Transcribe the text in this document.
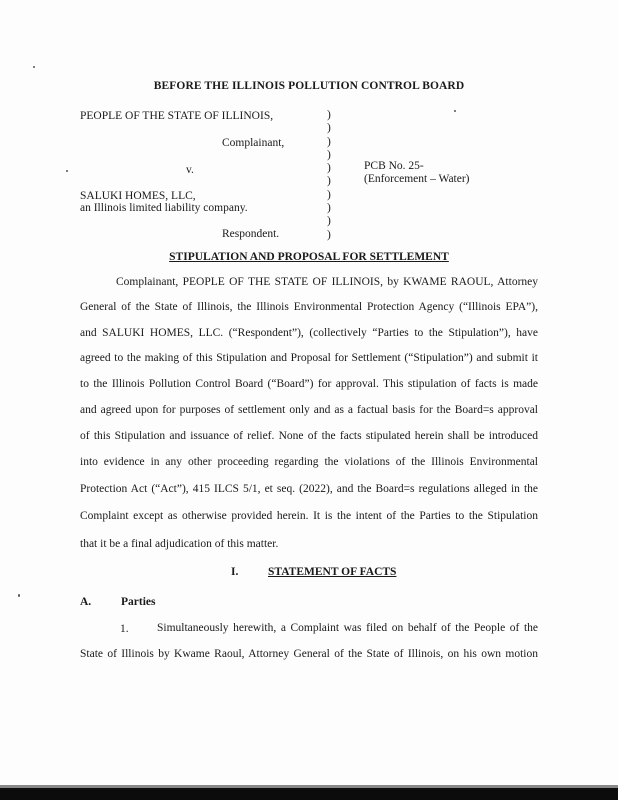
BEFORE THE ILLINOIS POLLUTION CONTROL BOARD
PEOPLE OF THE STATE OF ILLINOIS,
Complainant,
v.
SALUKI HOMES, LLC,
an Illinois limited liability company.
Respondent.
)
)
)
)
)
)
)
)
)
)
PCB No. 25-
(Enforcement – Water)
STIPULATION AND PROPOSAL FOR SETTLEMENT
Complainant, PEOPLE OF THE STATE OF ILLINOIS, by KWAME RAOUL, Attorney
General of the State of Illinois, the Illinois Environmental Protection Agency (“Illinois EPA”),
and SALUKI HOMES, LLC. (“Respondent”), (collectively “Parties to the Stipulation”), have
agreed to the making of this Stipulation and Proposal for Settlement (“Stipulation”) and submit it
to the Illinois Pollution Control Board (“Board”) for approval. This stipulation of facts is made
and agreed upon for purposes of settlement only and as a factual basis for the Board=s approval
of this Stipulation and issuance of relief. None of the facts stipulated herein shall be introduced
into evidence in any other proceeding regarding the violations of the Illinois Environmental
Protection Act (“Act”), 415 ILCS 5/1, et seq. (2022), and the Board=s regulations alleged in the
Complaint except as otherwise provided herein. It is the intent of the Parties to the Stipulation
that it be a final adjudication of this matter.
I.	STATEMENT OF FACTS
A.	Parties
1. Simultaneously herewith, a Complaint was filed on behalf of the People of the
State of Illinois by Kwame Raoul, Attorney General of the State of Illinois, on his own motion
